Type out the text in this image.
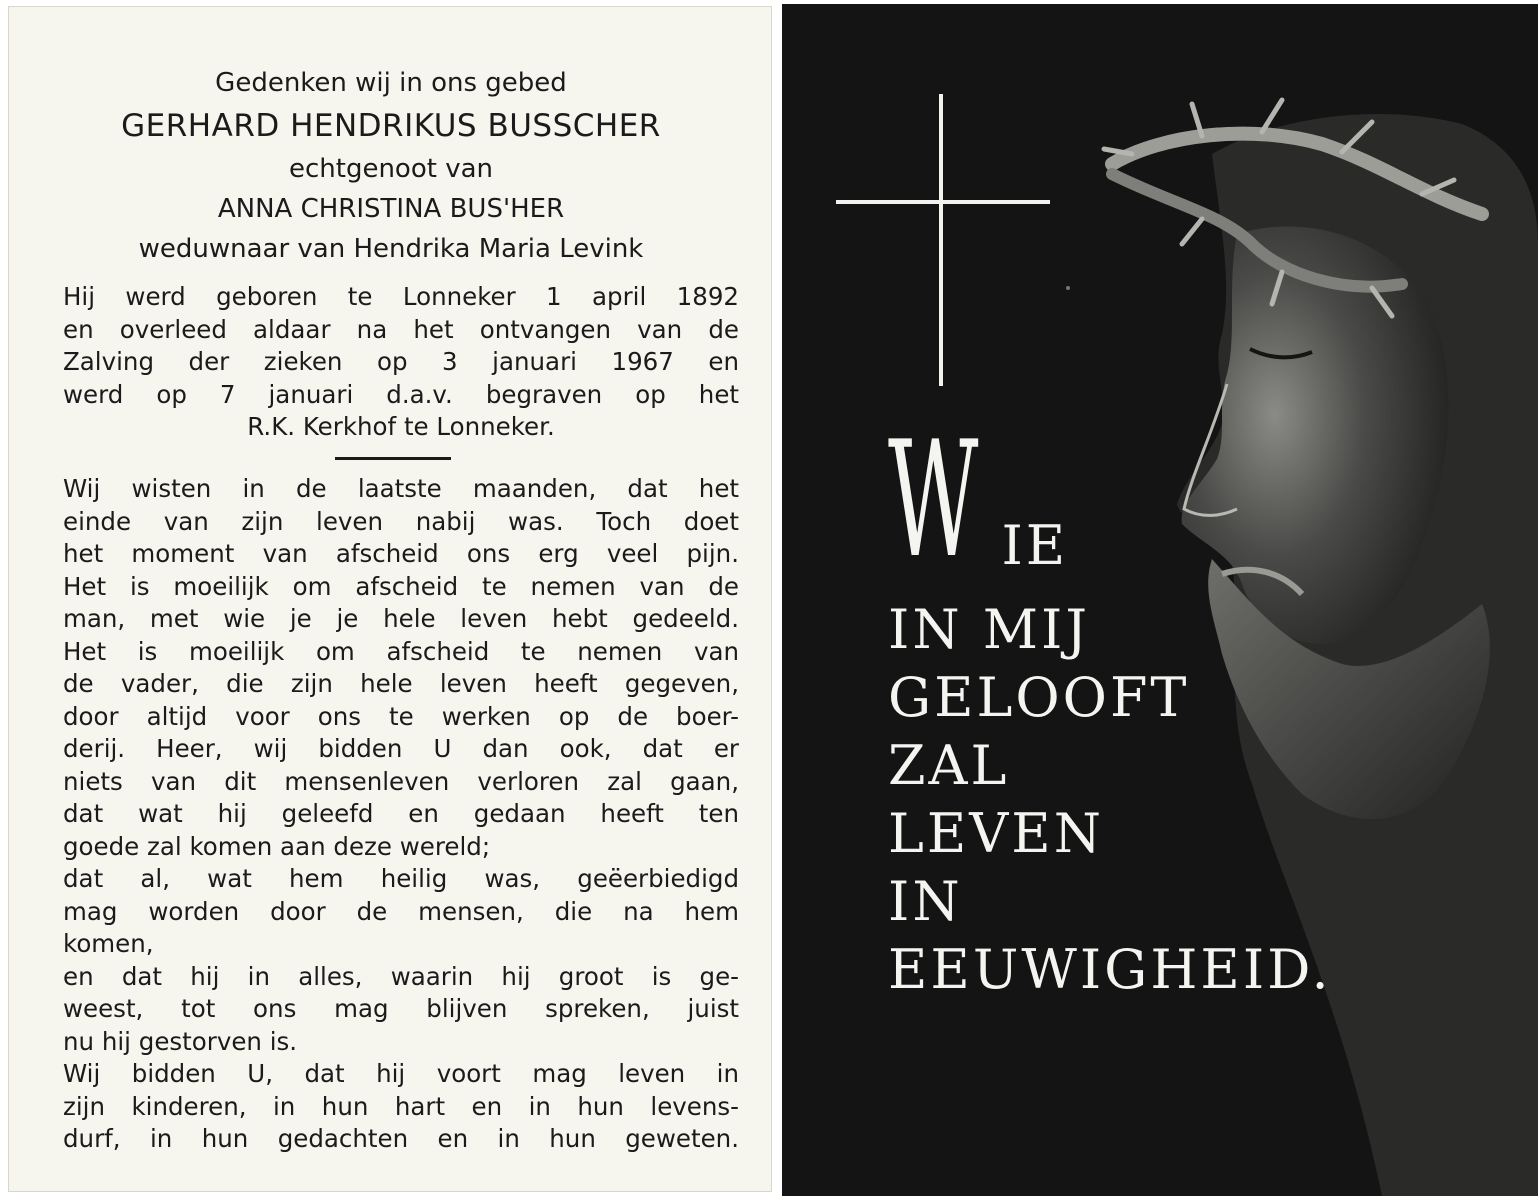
Gedenken wij in ons gebed
GERHARD HENDRIKUS BUSSCHER
echtgenoot van
ANNA CHRISTINA BUS'HER
weduwnaar van Hendrika Maria Levink
Hij werd geboren te Lonneker 1 april 1892
en overleed aldaar na het ontvangen van de
Zalving der zieken op 3 januari 1967 en
werd op 7 januari d.a.v. begraven op het
R.K. Kerkhof te Lonneker.
Wij wisten in de laatste maanden, dat het
einde van zijn leven nabij was. Toch doet
het moment van afscheid ons erg veel pijn.
Het is moeilijk om afscheid te nemen van de
man, met wie je je hele leven hebt gedeeld.
Het is moeilijk om afscheid te nemen van
de vader, die zijn hele leven heeft gegeven,
door altijd voor ons te werken op de boer-
derij. Heer, wij bidden U dan ook, dat er
niets van dit mensenleven verloren zal gaan,
dat wat hij geleefd en gedaan heeft ten
goede zal komen aan deze wereld;
dat al, wat hem heilig was, geëerbiedigd
mag worden door de mensen, die na hem
komen,
en dat hij in alles, waarin hij groot is ge-
weest, tot ons mag blijven spreken, juist
nu hij gestorven is.
Wij bidden U, dat hij voort mag leven in
zijn kinderen, in hun hart en in hun levens-
durf, in hun gedachten en in hun geweten.
W IE
IN MIJ
GELOOFT
ZAL
LEVEN
IN
EEUWIGHEID.
